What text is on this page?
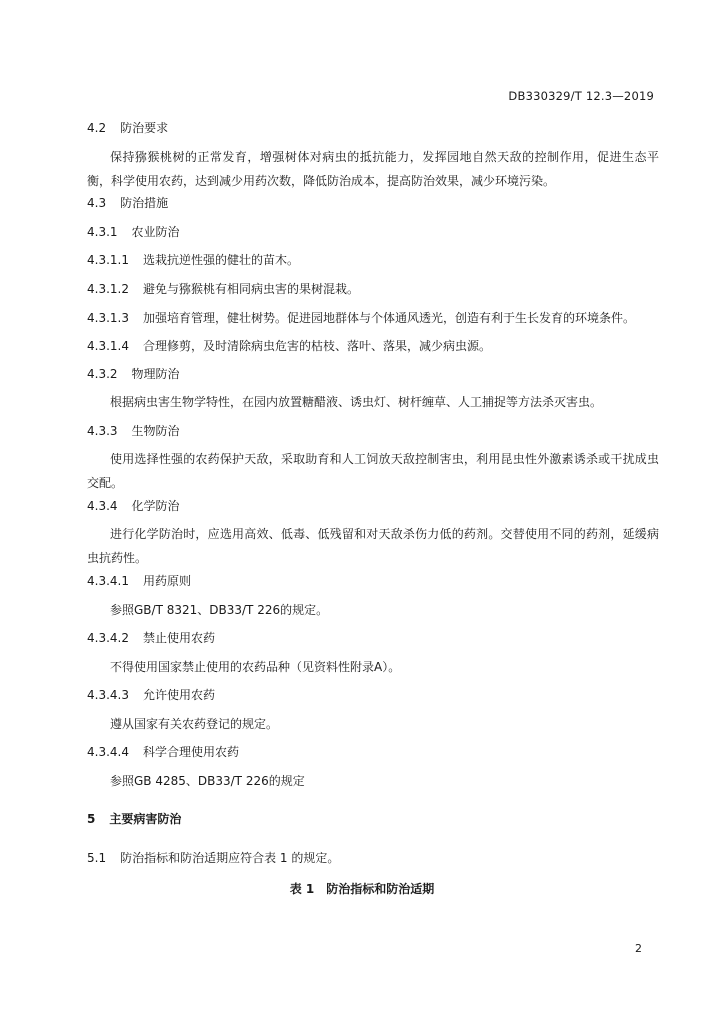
DB330329/T 12.3—2019
4.2 防治要求
保持猕猴桃树的正常发育，增强树体对病虫的抵抗能力，发挥园地自然天敌的控制作用，促进生态平衡，科学使用农药，达到减少用药次数，降低防治成本，提高防治效果，减少环境污染。
4.3 防治措施
4.3.1 农业防治
4.3.1.1 选栽抗逆性强的健壮的苗木。
4.3.1.2 避免与猕猴桃有相同病虫害的果树混栽。
4.3.1.3 加强培育管理，健壮树势。促进园地群体与个体通风透光，创造有利于生长发育的环境条件。
4.3.1.4 合理修剪，及时清除病虫危害的枯枝、落叶、落果，减少病虫源。
4.3.2 物理防治
根据病虫害生物学特性，在园内放置糖醋液、诱虫灯、树杆缠草、人工捕捉等方法杀灭害虫。
4.3.3 生物防治
使用选择性强的农药保护天敌，采取助育和人工饲放天敌控制害虫，利用昆虫性外激素诱杀或干扰成虫交配。
4.3.4 化学防治
进行化学防治时，应选用高效、低毒、低残留和对天敌杀伤力低的药剂。交替使用不同的药剂，延缓病虫抗药性。
4.3.4.1 用药原则
参照GB/T 8321、DB33/T 226的规定。
4.3.4.2 禁止使用农药
不得使用国家禁止使用的农药品种（见资料性附录A）。
4.3.4.3 允许使用农药
遵从国家有关农药登记的规定。
4.3.4.4 科学合理使用农药
参照GB 4285、DB33/T 226的规定
5 主要病害防治
5.1 防治指标和防治适期应符合表 1 的规定。
表 1　防治指标和防治适期
2
